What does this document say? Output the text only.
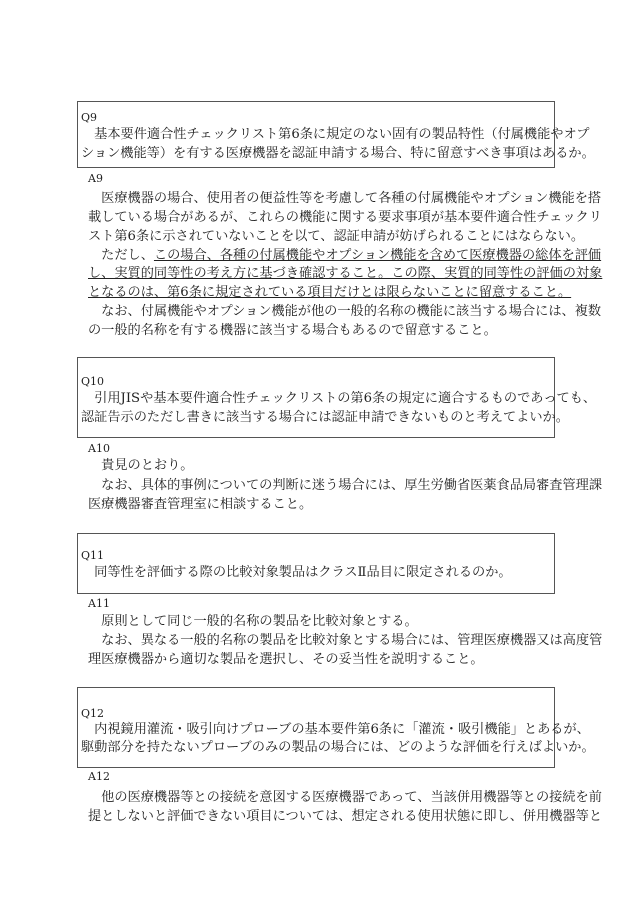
Q9
　基本要件適合性チェックリスト第6条に規定のない固有の製品特性（付属機能やオプ
ション機能等）を有する医療機器を認証申請する場合、特に留意すべき事項はあるか。
A9
　医療機器の場合、使用者の便益性等を考慮して各種の付属機能やオプション機能を搭
載している場合があるが、これらの機能に関する要求事項が基本要件適合性チェックリ
スト第6条に示されていないことを以て、認証申請が妨げられることにはならない。
　ただし、この場合、各種の付属機能やオプション機能を含めて医療機器の総体を評価
し、実質的同等性の考え方に基づき確認すること。この際、実質的同等性の評価の対象
となるのは、第6条に規定されている項目だけとは限らないことに留意すること。
　なお、付属機能やオプション機能が他の一般的名称の機能に該当する場合には、複数
の一般的名称を有する機器に該当する場合もあるので留意すること。
Q10
　引用JISや基本要件適合性チェックリストの第6条の規定に適合するものであっても、
認証告示のただし書きに該当する場合には認証申請できないものと考えてよいか。
A10
　貴見のとおり。
　なお、具体的事例についての判断に迷う場合には、厚生労働省医薬食品局審査管理課
医療機器審査管理室に相談すること。
Q11
　同等性を評価する際の比較対象製品はクラスⅡ品目に限定されるのか。
A11
　原則として同じ一般的名称の製品を比較対象とする。
　なお、異なる一般的名称の製品を比較対象とする場合には、管理医療機器又は高度管
理医療機器から適切な製品を選択し、その妥当性を説明すること。
Q12
　内視鏡用灌流・吸引向けプローブの基本要件第6条に「灌流・吸引機能」とあるが、
駆動部分を持たないプローブのみの製品の場合には、どのような評価を行えばよいか。
A12
　他の医療機器等との接続を意図する医療機器であって、当該併用機器等との接続を前
提としないと評価できない項目については、想定される使用状態に即し、併用機器等と
